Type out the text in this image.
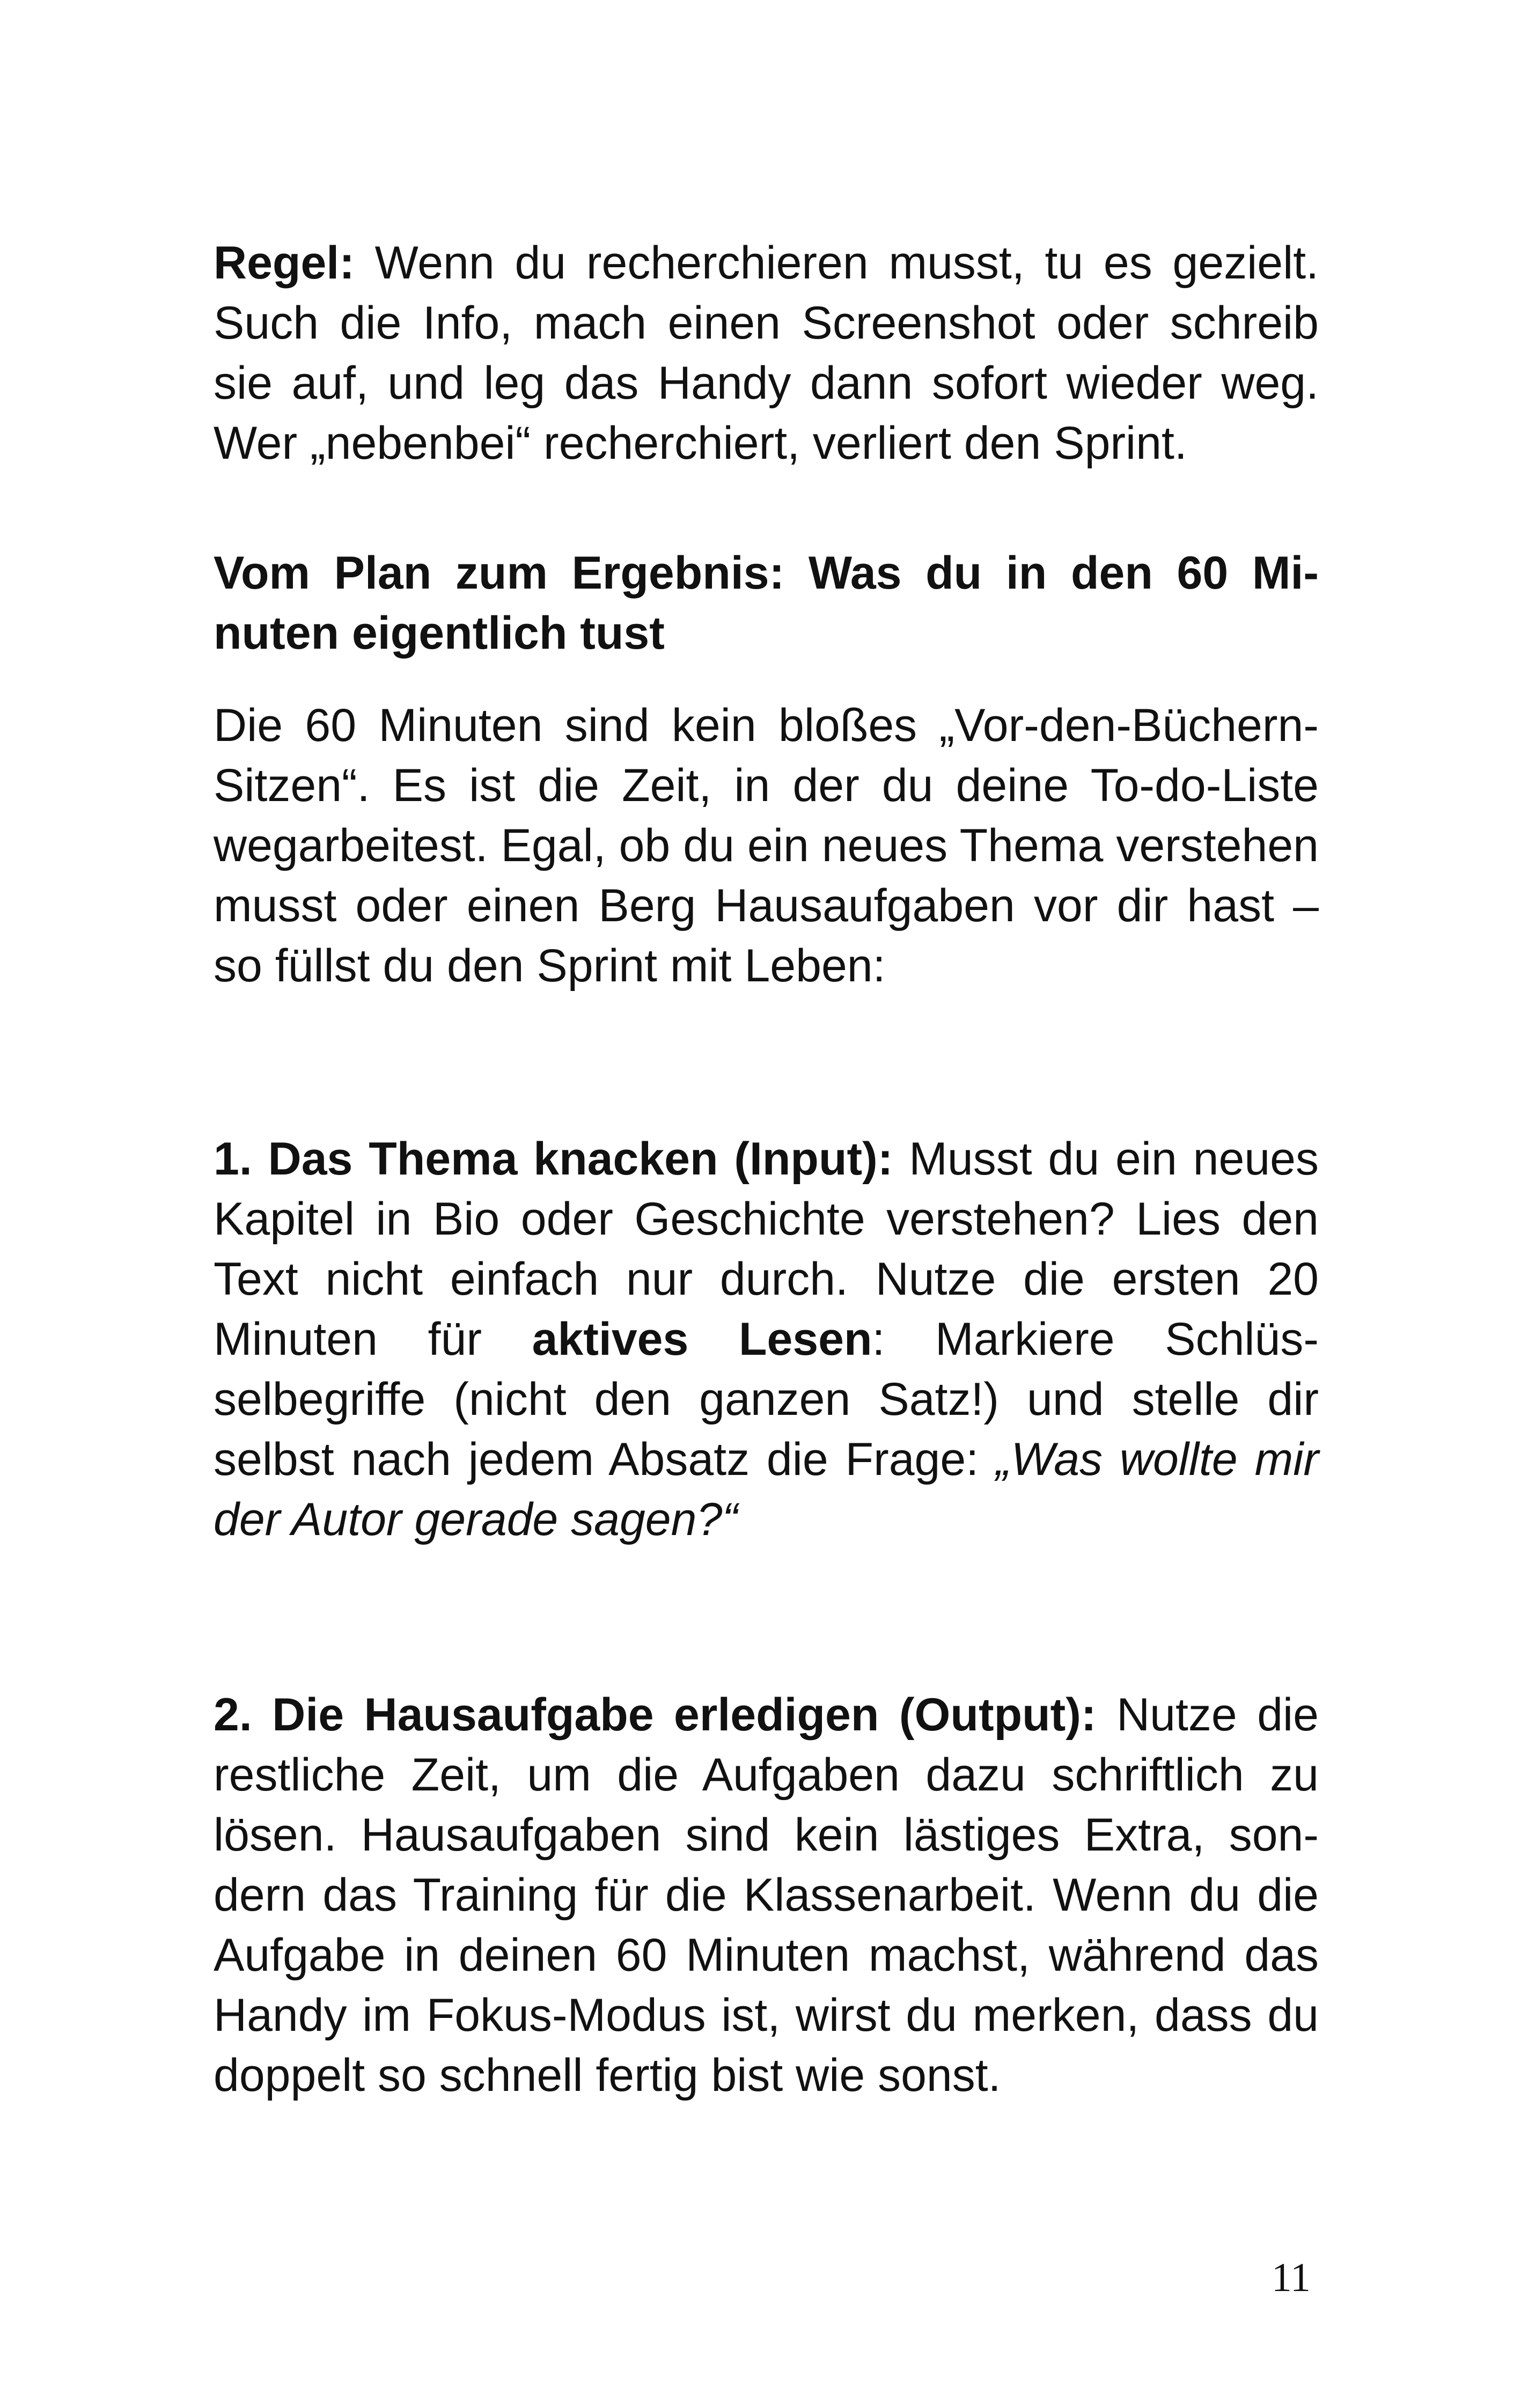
Regel: Wenn du recherchieren musst, tu es gezielt. Such die Info, mach einen Screenshot oder schreib sie auf, und leg das Handy dann sofort wieder weg. Wer „nebenbei“ recherchiert, verliert den Sprint.

Vom Plan zum Ergebnis: Was du in den 60 Minuten eigentlich tust

Die 60 Minuten sind kein bloßes „Vor-den-Büchern-Sitzen“. Es ist die Zeit, in der du deine To-do-Liste wegarbeitest. Egal, ob du ein neues Thema verstehen musst oder einen Berg Hausaufgaben vor dir hast – so füllst du den Sprint mit Leben:

1. Das Thema knacken (Input): Musst du ein neues Kapitel in Bio oder Geschichte verstehen? Lies den Text nicht einfach nur durch. Nutze die ersten 20 Minuten für aktives Lesen: Markiere Schlüsselbegriffe (nicht den ganzen Satz!) und stelle dir selbst nach jedem Absatz die Frage: „Was wollte mir der Autor gerade sagen?“

2. Die Hausaufgabe erledigen (Output): Nutze die restliche Zeit, um die Aufgaben dazu schriftlich zu lösen. Hausaufgaben sind kein lästiges Extra, sondern das Training für die Klassenarbeit. Wenn du die Aufgabe in deinen 60 Minuten machst, während das Handy im Fokus-Modus ist, wirst du merken, dass du doppelt so schnell fertig bist wie sonst.

11
